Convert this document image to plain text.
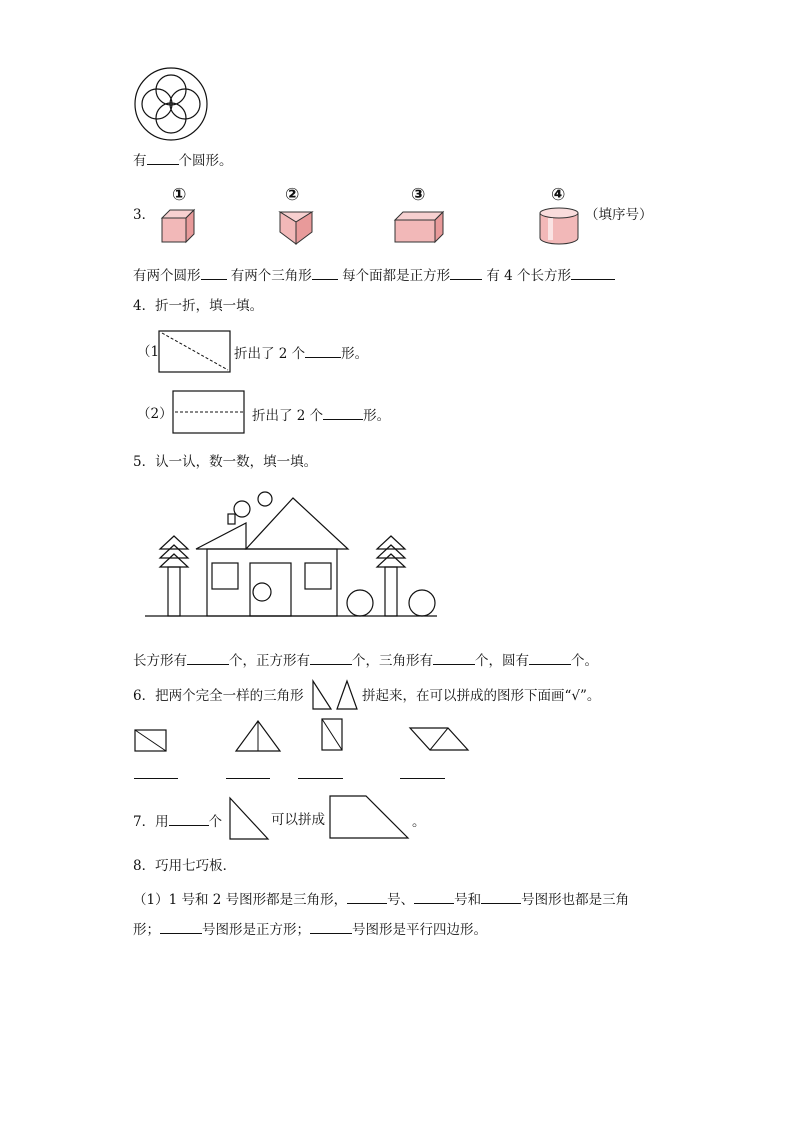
有 个圆形。
3．
①	②	③	④
（填序号）
有两个圆形 有两个三角形 每个面都是正方形	有 4 个长方形
4．折一折，填一填。
（1	折出了 2 个	形。
（2）	折出了 2 个	形。
5．认一认，数一数，填一填。
长方形有	个，正方形有	个，三角形有	个，圆有	个。
6．把两个完全一样的三角形	拼起来，在可以拼成的图形下面画“√”。
7．用	个	可以拼成	。
8．巧用七巧板．
（1）1 号和 2 号图形都是三角形，	号、	号和	号图形也都是三角
形；	号图形是正方形；	号图形是平行四边形。
